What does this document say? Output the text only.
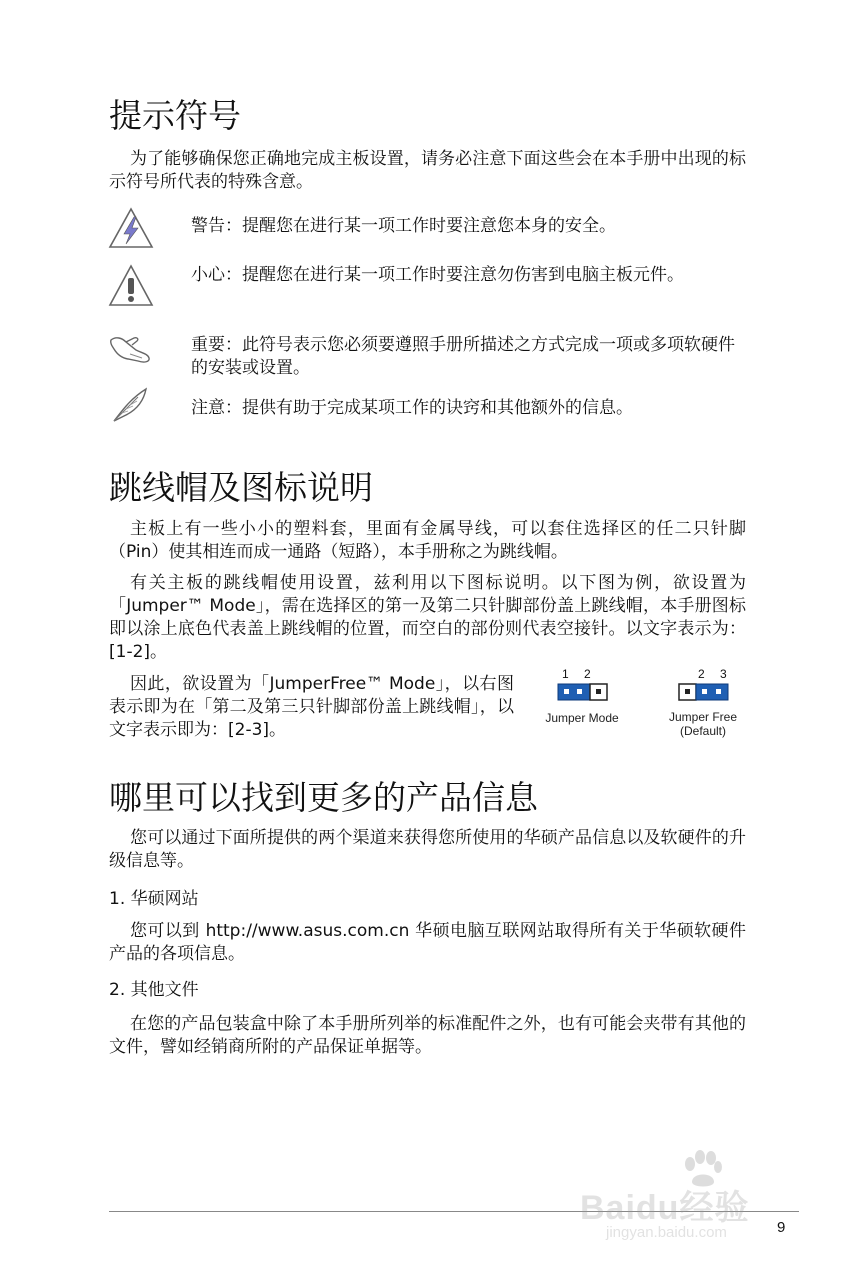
提示符号

为了能够确保您正确地完成主板设置，请务必注意下面这些会在本手册中出现的标示符号所代表的特殊含意。

警告：提醒您在进行某一项工作时要注意您本身的安全。
小心：提醒您在进行某一项工作时要注意勿伤害到电脑主板元件。
重要：此符号表示您必须要遵照手册所描述之方式完成一项或多项软硬件的安装或设置。
注意：提供有助于完成某项工作的诀窍和其他额外的信息。
跳线帽及图标说明

主板上有一些小小的塑料套，里面有金属导线，可以套住选择区的任二只针脚（Pin）使其相连而成一通路（短路），本手册称之为跳线帽。

有关主板的跳线帽使用设置，兹利用以下图标说明。以下图为例，欲设置为「Jumper™ Mode」，需在选择区的第一及第二只针脚部份盖上跳线帽，本手册图标即以涂上底色代表盖上跳线帽的位置，而空白的部份则代表空接针。以文字表示为：[1-2]。

因此，欲设置为「JumperFree™ Mode」，以右图表示即为在「第二及第三只针脚部份盖上跳线帽」，以文字表示即为：[2-3]。

1 2
Jumper Mode
2 3
Jumper Free
(Default)
哪里可以找到更多的产品信息

您可以通过下面所提供的两个渠道来获得您所使用的华硕产品信息以及软硬件的升级信息等。

1. 华硕网站

您可以到 http://www.asus.com.cn 华硕电脑互联网站取得所有关于华硕软硬件产品的各项信息。

2. 其他文件

在您的产品包装盒中除了本手册所列举的标准配件之外，也有可能会夹带有其他的文件，譬如经销商所附的产品保证单据等。

9
Baidu经验
jingyan.baidu.com
